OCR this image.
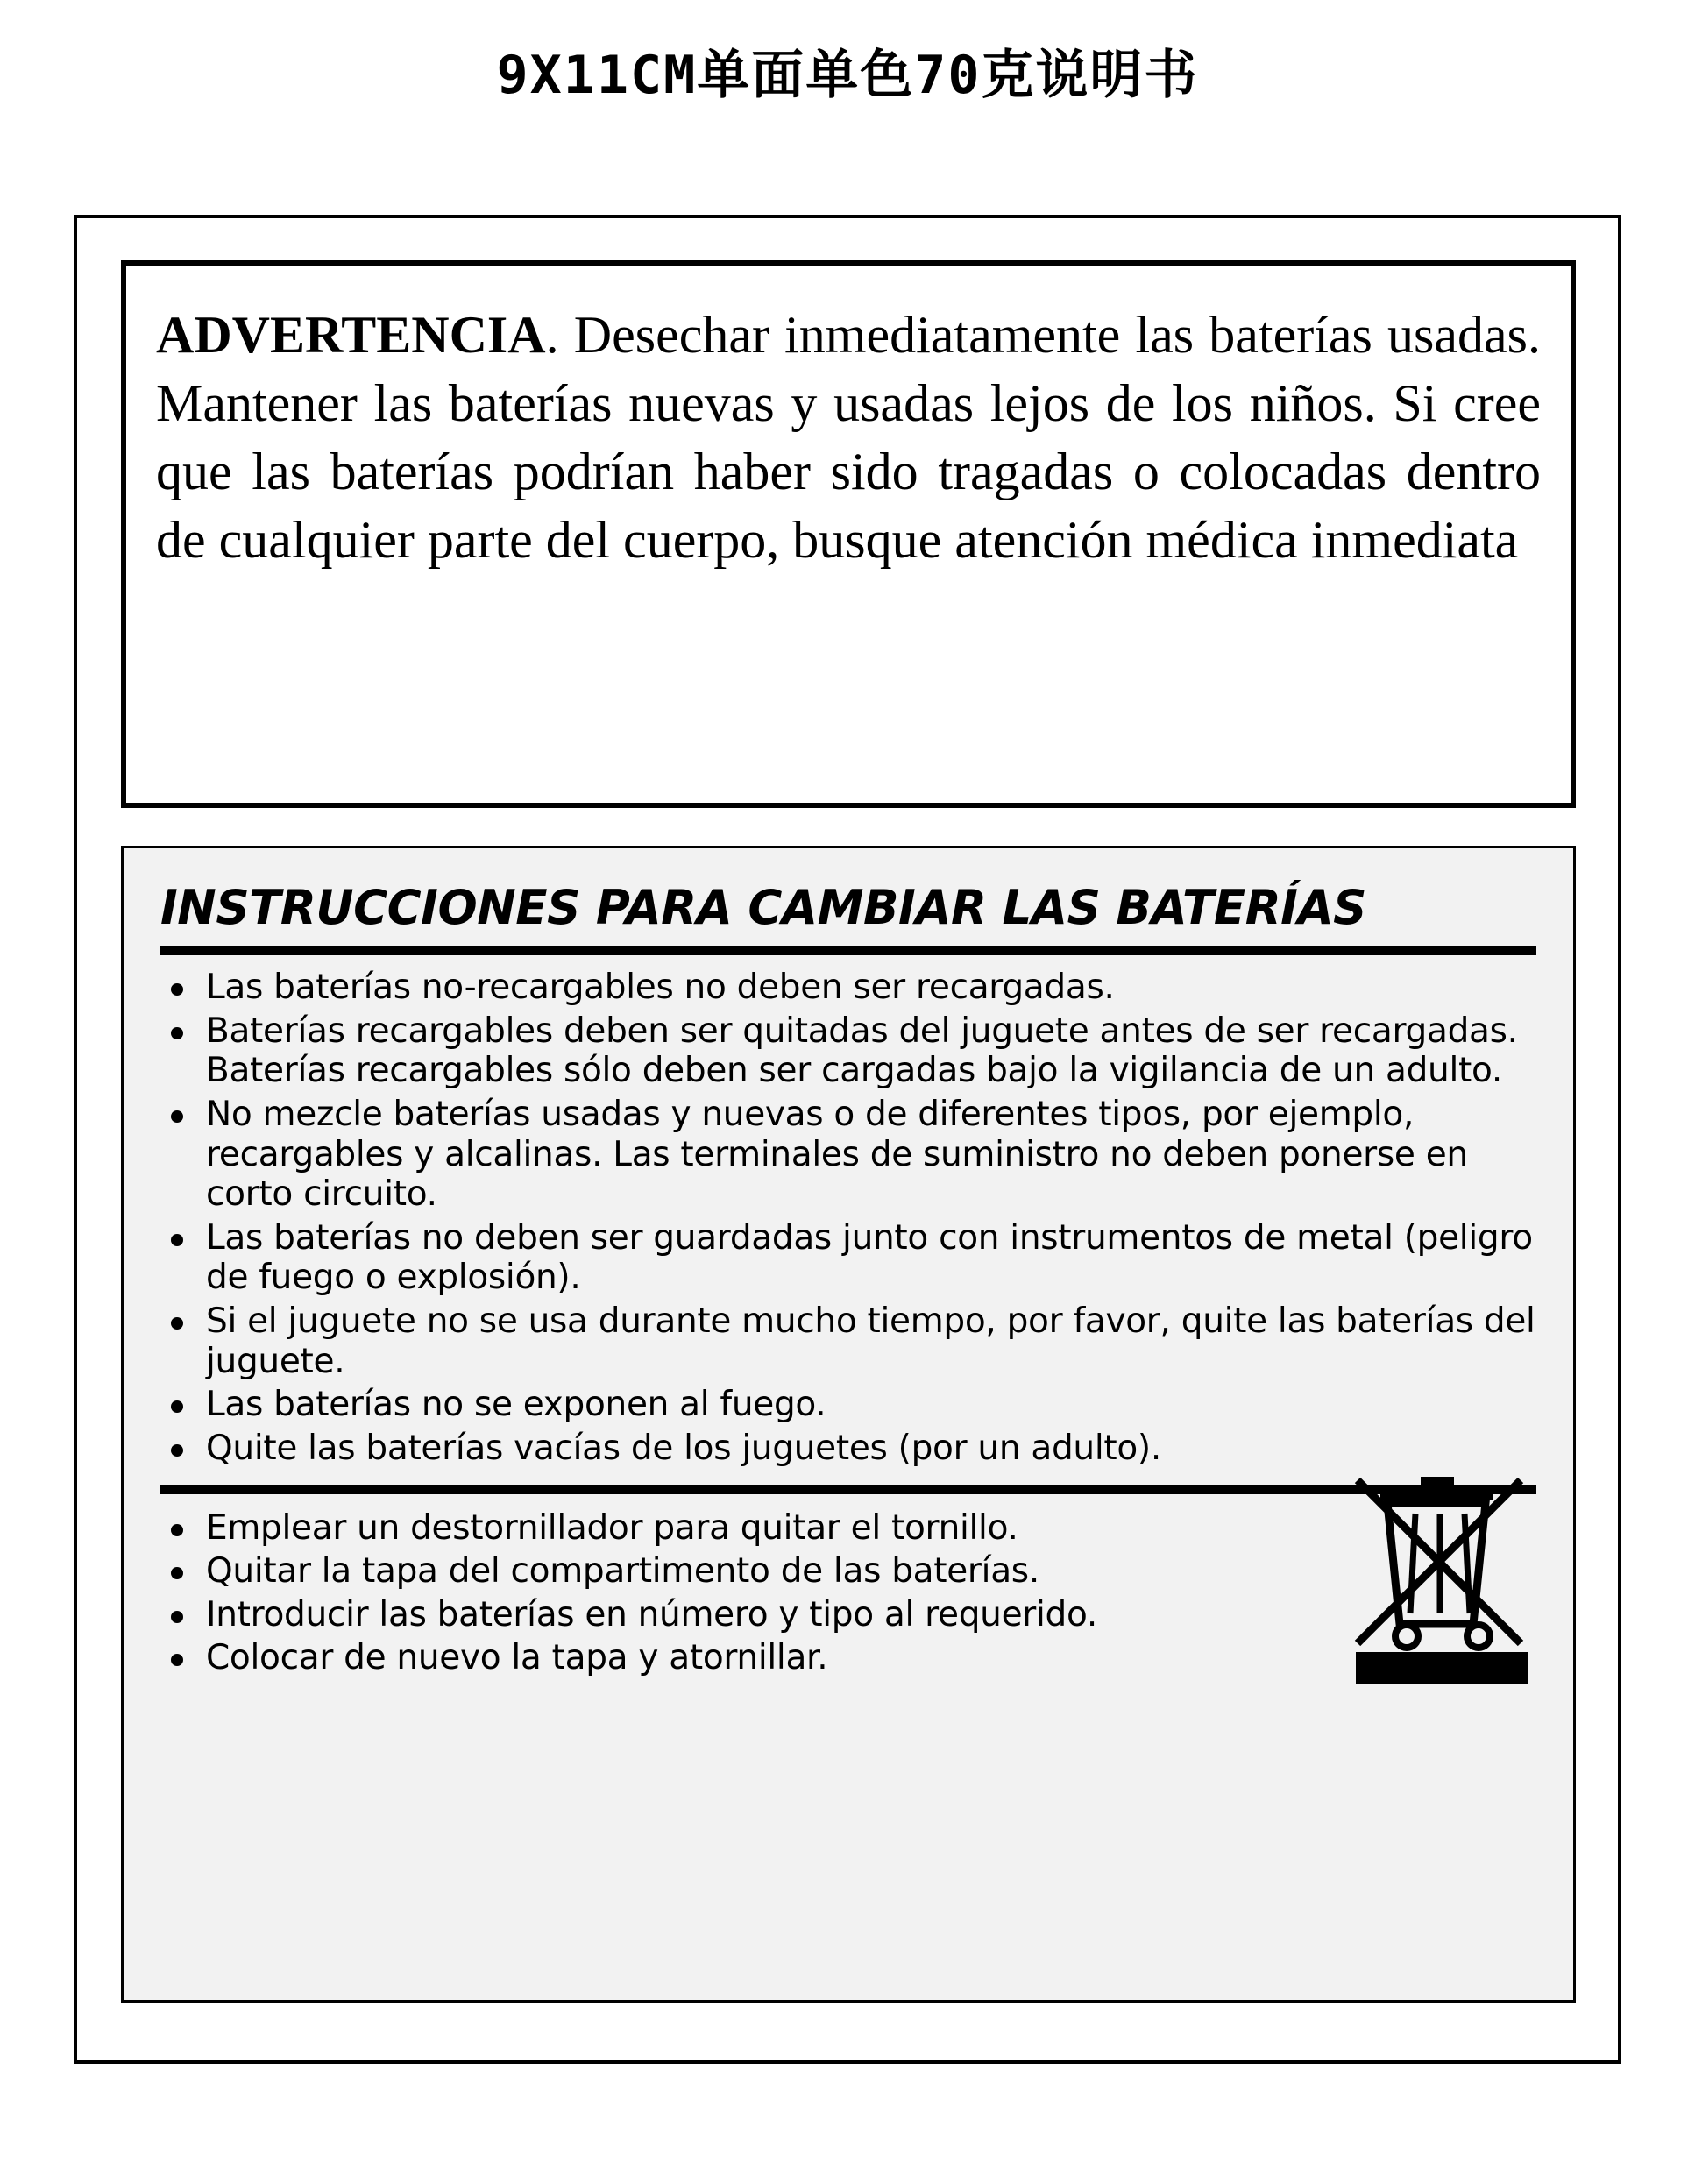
9X11CM单面单色70克说明书

ADVERTENCIA. Desechar inmediatamente las baterías usadas. Mantener las baterías nuevas y usadas lejos de los niños. Si cree que las baterías podrían haber sido tragadas o colocadas dentro de cualquier parte del cuerpo, busque atención médica inmediata

INSTRUCCIONES PARA CAMBIAR LAS BATERÍAS
Las baterías no-recargables no deben ser recargadas.
Baterías recargables deben ser quitadas del juguete antes de ser recargadas. Baterías recargables sólo deben ser cargadas bajo la vigilancia de un adulto.
No mezcle baterías usadas y nuevas o de diferentes tipos, por ejemplo, recargables y alcalinas. Las terminales de suministro no deben ponerse en corto circuito.
Las baterías no deben ser guardadas junto con instrumentos de metal (peligro de fuego o explosión).
Si el juguete no se usa durante mucho tiempo, por favor, quite las baterías del juguete.
Las baterías no se exponen al fuego.
Quite las baterías vacías de los juguetes (por un adulto).
Emplear un destornillador para quitar el tornillo.
Quitar la tapa del compartimento de las baterías.
Introducir las baterías en número y tipo al requerido.
Colocar de nuevo la tapa y atornillar.
